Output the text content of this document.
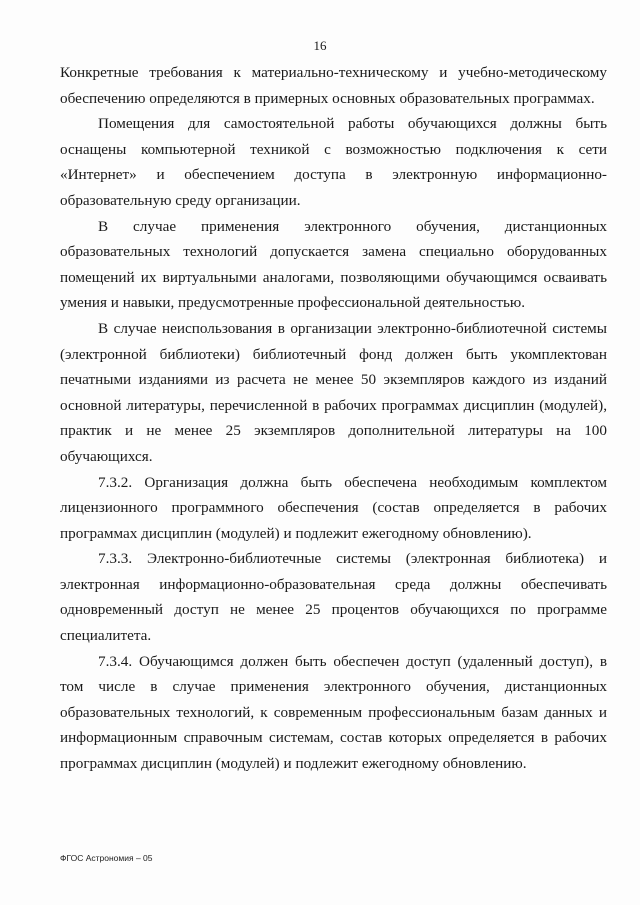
16

Конкретные требования к материально-техническому и учебно-методическому обеспечению определяются в примерных основных образовательных программах.

Помещения для самостоятельной работы обучающихся должны быть оснащены компьютерной техникой с возможностью подключения к сети «Интернет» и обеспечением доступа в электронную информационно-образовательную среду организации.

В случае применения электронного обучения, дистанционных образовательных технологий допускается замена специально оборудованных помещений их виртуальными аналогами, позволяющими обучающимся осваивать умения и навыки, предусмотренные профессиональной деятельностью.

В случае неиспользования в организации электронно-библиотечной системы (электронной библиотеки) библиотечный фонд должен быть укомплектован печатными изданиями из расчета не менее 50 экземпляров каждого из изданий основной литературы, перечисленной в рабочих программах дисциплин (модулей), практик и не менее 25 экземпляров дополнительной литературы на 100 обучающихся.

7.3.2. Организация должна быть обеспечена необходимым комплектом лицензионного программного обеспечения (состав определяется в рабочих программах дисциплин (модулей) и подлежит ежегодному обновлению).

7.3.3. Электронно-библиотечные системы (электронная библиотека) и электронная информационно-образовательная среда должны обеспечивать одновременный доступ не менее 25 процентов обучающихся по программе специалитета.

7.3.4. Обучающимся должен быть обеспечен доступ (удаленный доступ), в том числе в случае применения электронного обучения, дистанционных образовательных технологий, к современным профессиональным базам данных и информационным справочным системам, состав которых определяется в рабочих программах дисциплин (модулей) и подлежит ежегодному обновлению.

ФГОС Астрономия – 05
